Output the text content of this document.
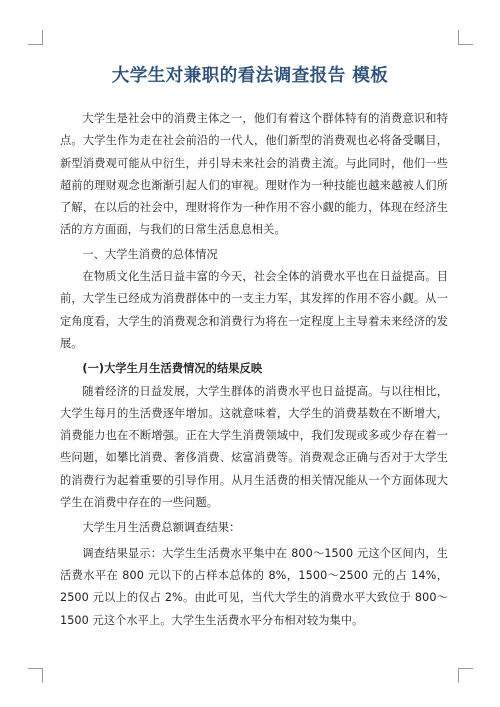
大学生对兼职的看法调查报告 模板

大学生是社会中的消费主体之一，他们有着这个群体特有的消费意识和特点。大学生作为走在社会前沿的一代人，他们新型的消费观也必将备受瞩目，新型消费观可能从中衍生，并引导未来社会的消费主流。与此同时，他们一些超前的理财观念也渐渐引起人们的审视。理财作为一种技能也越来越被人们所了解，在以后的社会中，理财将作为一种作用不容小觑的能力，体现在经济生活的方方面面，与我们的日常生活息息相关。

一、大学生消费的总体情况

在物质文化生活日益丰富的今天，社会全体的消费水平也在日益提高。目前，大学生已经成为消费群体中的一支主力军，其发挥的作用不容小觑。从一定角度看，大学生的消费观念和消费行为将在一定程度上主导着未来经济的发展。

(一)大学生月生活费情况的结果反映

随着经济的日益发展，大学生群体的消费水平也日益提高。与以往相比，大学生每月的生活费逐年增加。这就意味着，大学生的消费基数在不断增大，消费能力也在不断增强。正在大学生消费领域中，我们发现或多或少存在着一些问题，如攀比消费、奢侈消费、炫富消费等。消费观念正确与否对于大学生的消费行为起着重要的引导作用。从月生活费的相关情况能从一个方面体现大学生在消费中存在的一些问题。

大学生月生活费总额调查结果：

调查结果显示：大学生生活费水平集中在 800～1500 元这个区间内，生活费水平在 800 元以下的占样本总体的 8%，1500～2500 元的占 14%，2500 元以上的仅占 2%。由此可见，当代大学生的消费水平大致位于 800～1500 元这个水平上。大学生生活费水平分布相对较为集中。
